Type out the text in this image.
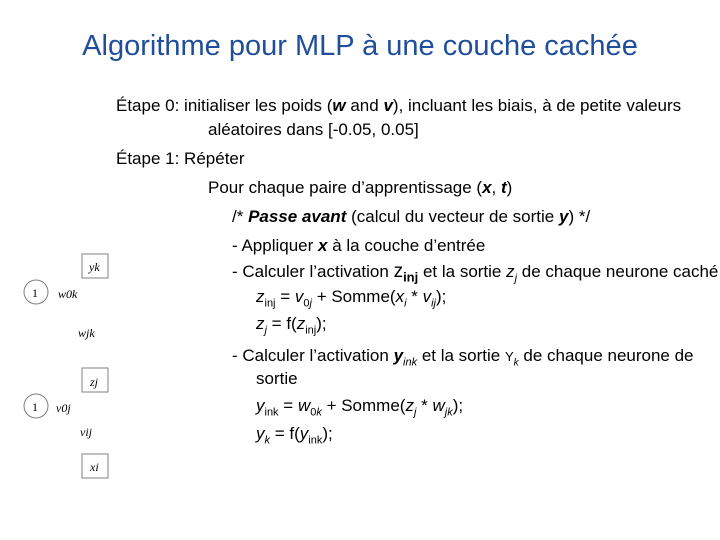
Algorithme pour MLP à une couche cachée
Étape 0: initialiser les poids (w and v), incluant les biais, à de petite valeurs
aléatoires dans [-0.05, 0.05]
Étape 1: Répéter
Pour chaque paire d’apprentissage (x, t)
/* Passe avant (calcul du vecteur de sortie y) */
- Appliquer x à la couche d’entrée
- Calculer l’activation $z_{inj}$ et la sortie $z_j$ de chaque neurone caché
$z_{inj} = v_{0j}$ + $Somme(x_i * v_{ij})$;
$z_j = f(z_{inj})$;
- Calculer l’activation $y_{ink}$ et la sortie $Y_k$ de chaque neurone de
sortie
$y_{ink} = w_{0k}$ + $Somme(z_j * w_{jk})$;
$y_k = f(y_{ink})$;
yk
1 w0k
wjk
zj
1 v0j
vij
xi
